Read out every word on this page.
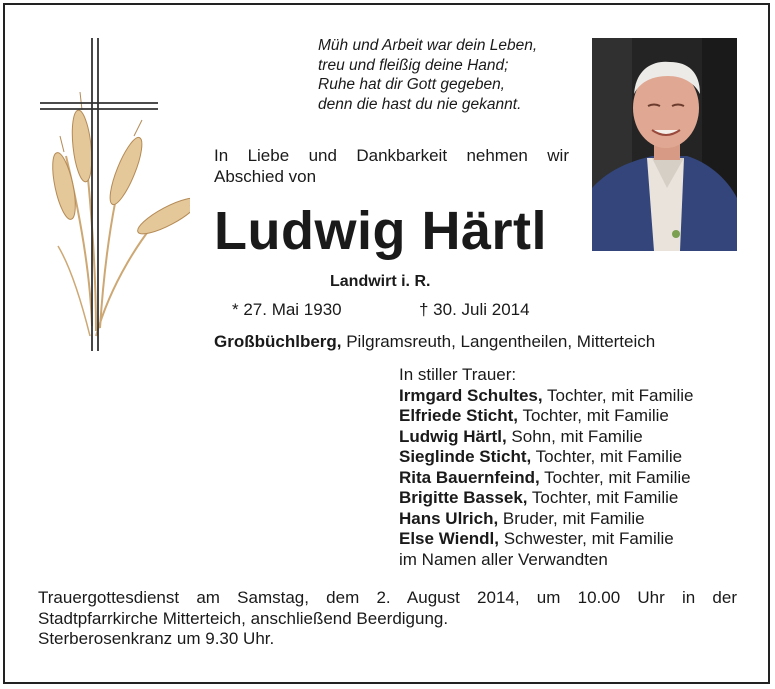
Müh und Arbeit war dein Leben,
treu und fleißig deine Hand;
Ruhe hat dir Gott gegeben,
denn die hast du nie gekannt.
In Liebe und Dankbarkeit nehmen wir
Abschied von
Ludwig Härtl
Landwirt i. R.
* 27. Mai 1930	† 30. Juli 2014
Großbüchlberg, Pilgramsreuth, Langentheilen, Mitterteich
In stiller Trauer:
Irmgard Schultes, Tochter, mit Familie
Elfriede Sticht, Tochter, mit Familie
Ludwig Härtl, Sohn, mit Familie
Sieglinde Sticht, Tochter, mit Familie
Rita Bauernfeind, Tochter, mit Familie
Brigitte Bassek, Tochter, mit Familie
Hans Ulrich, Bruder, mit Familie
Else Wiendl, Schwester, mit Familie
im Namen aller Verwandten
Trauergottesdienst am Samstag, dem 2. August 2014, um 10.00 Uhr in der
Stadtpfarrkirche Mitterteich, anschließend Beerdigung.
Sterberosenkranz um 9.30 Uhr.
